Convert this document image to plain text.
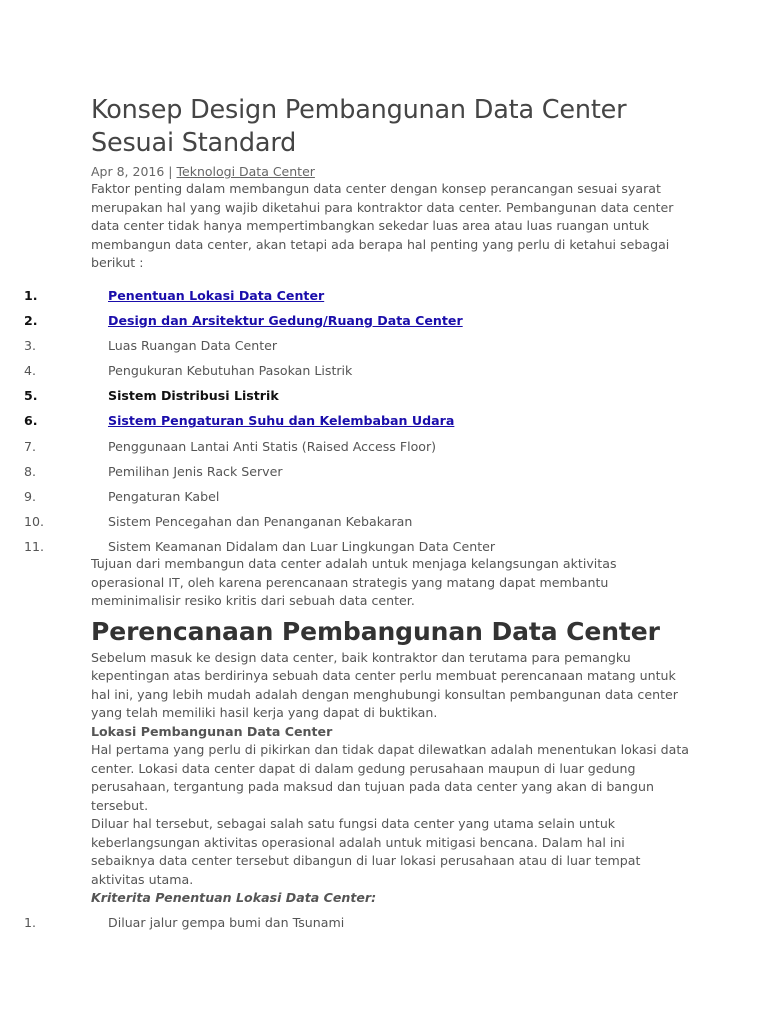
Konsep Design Pembangunan Data Center Sesuai Standard
Apr 8, 2016 | Teknologi Data Center

Faktor penting dalam membangun data center dengan konsep perancangan sesuai syarat merupakan hal yang wajib diketahui para kontraktor data center. Pembangunan data center data center tidak hanya mempertimbangkan sekedar luas area atau luas ruangan untuk membangun data center, akan tetapi ada berapa hal penting yang perlu di ketahui sebagai berikut :

1.	Penentuan Lokasi Data Center
2.	Design dan Arsitektur Gedung/Ruang Data Center
3.	Luas Ruangan Data Center
4.	Pengukuran Kebutuhan Pasokan Listrik
5.	Sistem Distribusi Listrik
6.	Sistem Pengaturan Suhu dan Kelembaban Udara
7.	Penggunaan Lantai Anti Statis (Raised Access Floor)
8.	Pemilihan Jenis Rack Server
9.	Pengaturan Kabel
10.	Sistem Pencegahan dan Penanganan Kebakaran
11.	Sistem Keamanan Didalam dan Luar Lingkungan Data Center

Tujuan dari membangun data center adalah untuk menjaga kelangsungan aktivitas operasional IT, oleh karena perencanaan strategis yang matang dapat membantu meminimalisir resiko kritis dari sebuah data center.

Perencanaan Pembangunan Data Center

Sebelum masuk ke design data center, baik kontraktor dan terutama para pemangku kepentingan atas berdirinya sebuah data center perlu membuat perencanaan matang untuk hal ini, yang lebih mudah adalah dengan menghubungi konsultan pembangunan data center yang telah memiliki hasil kerja yang dapat di buktikan.

Lokasi Pembangunan Data Center

Hal pertama yang perlu di pikirkan dan tidak dapat dilewatkan adalah menentukan lokasi data center. Lokasi data center dapat di dalam gedung perusahaan maupun di luar gedung perusahaan, tergantung pada maksud dan tujuan pada data center yang akan di bangun tersebut.

Diluar hal tersebut, sebagai salah satu fungsi data center yang utama selain untuk keberlangsungan aktivitas operasional adalah untuk mitigasi bencana. Dalam hal ini sebaiknya data center tersebut dibangun di luar lokasi perusahaan atau di luar tempat aktivitas utama.

Kriterita Penentuan Lokasi Data Center:
1.	Diluar jalur gempa bumi dan Tsunami
